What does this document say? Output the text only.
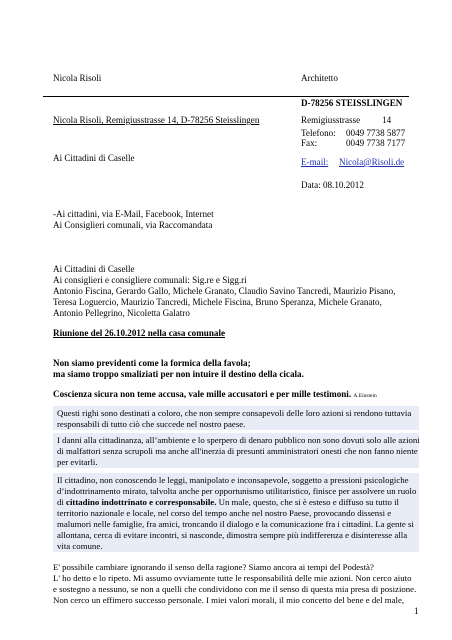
Nicola Risoli	Architetto
D-78256 STEISSLINGEN
Nicola Risoli, Remigiusstrasse 14, D-78256 Steisslingen	Remigiusstrasse 14
Telefono: 0049 7738 5877
Fax:	0049 7738 7177
Ai Cittadini di Caselle	E-mail: Nicola@Risoli.de
Data: 08.10.2012
-Ai cittadini, via E-Mail, Facebook, Internet
Ai Consiglieri comunali, via Raccomandata
Ai Cittadini di Caselle
Ai consiglieri e consigliere comunali: Sig.re e Sigg.ri
Antonio Fiscina, Gerardo Gallo, Michele Granato, Claudio Savino Tancredi, Maurizio Pisano,
Teresa Loguercio, Maurizio Tancredi, Michele Fiscina, Bruno Speranza, Michele Granato,
Antonio Pellegrino, Nicoletta Galatro
Riunione del 26.10.2012 nella casa comunale
Non siamo previdenti come la formica della favola;
ma siamo troppo smaliziati per non intuire il destino della cicala.
Coscienza sicura non teme accusa, vale mille accusatori e per mille testimoni. A.Einstein

Questi righi sono destinati a coloro, che non sempre consapevoli delle loro azioni si rendono tuttavia

responsabili di tutto ciò che succede nel nostro paese.

I danni alla cittadinanza, all’ambiente e lo sperpero di denaro pubblico non sono dovuti solo alle azioni

di malfattori senza scrupoli ma anche all'inerzia di presunti amministratori onesti che non fanno niente

per evitarli.

Il cittadino, non conoscendo le leggi, manipolato e inconsapevole, soggetto a pressioni psicologiche

d’indottrinamento mirato, talvolta anche per opportunismo utilitaristico, finisce per assolvere un ruolo

di cittadino indottrinato e corresponsabile. Un male, questo, che si è esteso e diffuso su tutto il

territorio nazionale e locale, nel corso del tempo anche nel nostro Paese, provocando dissensi e

malumori nelle famiglie, fra amici, troncando il dialogo e la comunicazione fra i cittadini. La gente si

allontana, cerca di evitare incontri, si nasconde, dimostra sempre più indifferenza e disinteresse alla

vita comune.

E' possibile cambiare ignorando il senso della ragione? Siamo ancora ai tempi del Podestà?

L' ho detto e lo ripeto. Mi assumo ovviamente tutte le responsabilità delle mie azioni. Non cerco aiuto

e sostegno a nessuno, se non a quelli che condividono con me il senso di questa mia presa di posizione.

Non cerco un effimero successo personale. I miei valori morali, il mio concetto del bene e del male,

1
